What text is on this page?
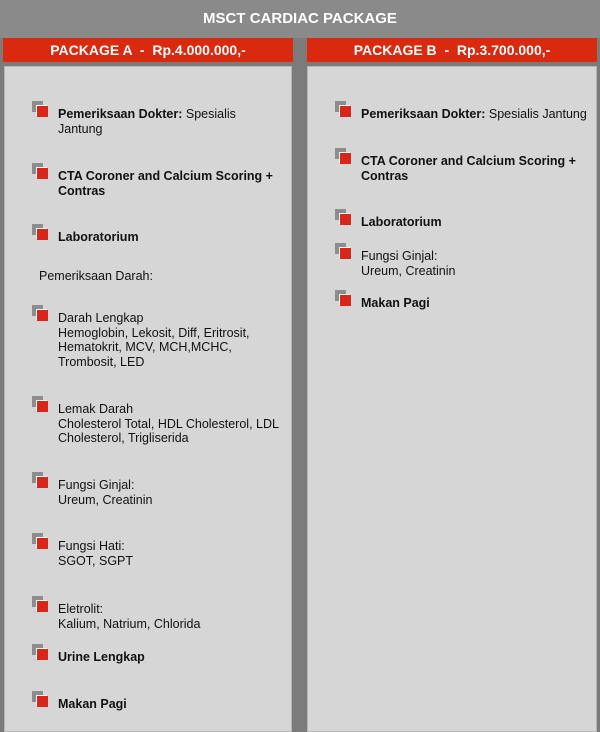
MSCT CARDIAC PACKAGE
PACKAGE A  -  Rp.4.000.000,-
Pemeriksaan Dokter: Spesialis
Jantung
CTA Coroner and Calcium Scoring +
Contras
Laboratorium
Pemeriksaan Darah:
Darah Lengkap
Hemoglobin, Lekosit, Diff, Eritrosit,
Hematokrit, MCV, MCH,MCHC,
Trombosit, LED
Lemak Darah
Cholesterol Total, HDL Cholesterol, LDL
Cholesterol, Trigliserida
Fungsi Ginjal:
Ureum, Creatinin
Fungsi Hati:
SGOT, SGPT
Eletrolit:
Kalium, Natrium, Chlorida
Urine Lengkap
Makan Pagi
PACKAGE B  -  Rp.3.700.000,-
Pemeriksaan Dokter: Spesialis Jantung
CTA Coroner and Calcium Scoring +
Contras
Laboratorium
Fungsi Ginjal:
Ureum, Creatinin
Makan Pagi
